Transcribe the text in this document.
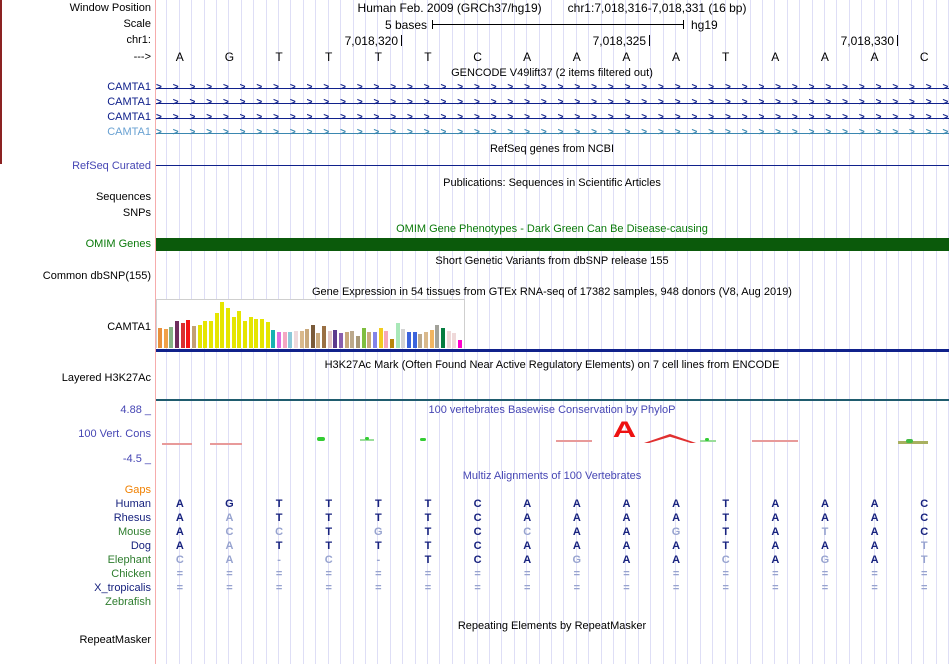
7,018,320	7,018,325	7,018,330
A	G	T	T	T	T	C	A	A	A	A	T	A	A	A	C
> > > > > > > > > > > > > > > > > > > > > > > > > > > > > > > > > > > > > > > > > > > > > > > >
CAMTA1
> > > > > > > > > > > > > > > > > > > > > > > > > > > > > > > > > > > > > > > > > > > > > > > >
CAMTA1
> > > > > > > > > > > > > > > > > > > > > > > > > > > > > > > > > > > > > > > > > > > > > > > >
CAMTA1
> > > > > > > > > > > > > > > > > > > > > > > > > > > > > > > > > > > > > > > > > > > > > > > >
CAMTA1
A
Gaps
Human	A	G	T	T	T	T	C	A	A	A	A	T	A	A	A	C
Rhesus	A	A	T	T	T	T	C	A	A	A	A	T	A	A	A	C
Mouse	A	C	C	T	G	T	C	C	A	A	G	T	A	T	A	C
Dog	A	A	T	T	T	T	C	A	A	A	A	T	A	A	A	T
Elephant	C	A	-	C	-	T	C	A	G	A	A	C	A	G	A	T
Chicken	=	=	=	=	=	=	=	=	=	=	=	=	=	=	=	=
X_tropicalis	=	=	=	=	=	=	=	=	=	=	=	=	=	=	=	=
Zebrafish
Window Position	Human Feb. 2009 (GRCh37/hg19) chr1:7,018,316-7,018,331 (16 bp)
Scale	5 bases	hg19
chr1:
--->
GENCODE V49lift37 (2 items filtered out)
RefSeq genes from NCBI
RefSeq Curated
Publications: Sequences in Scientific Articles
Sequences
SNPs
OMIM Gene Phenotypes - Dark Green Can Be Disease-causing
OMIM Genes
Short Genetic Variants from dbSNP release 155
Common dbSNP(155)
Gene Expression in 54 tissues from GTEx RNA-seq of 17382 samples, 948 donors (V8, Aug 2019)
CAMTA1
H3K27Ac Mark (Often Found Near Active Regulatory Elements) on 7 cell lines from ENCODE
Layered H3K27Ac
4.88 _	100 vertebrates Basewise Conservation by PhyloP
100 Vert. Cons
-4.5 _
Multiz Alignments of 100 Vertebrates
Repeating Elements by RepeatMasker
RepeatMasker
